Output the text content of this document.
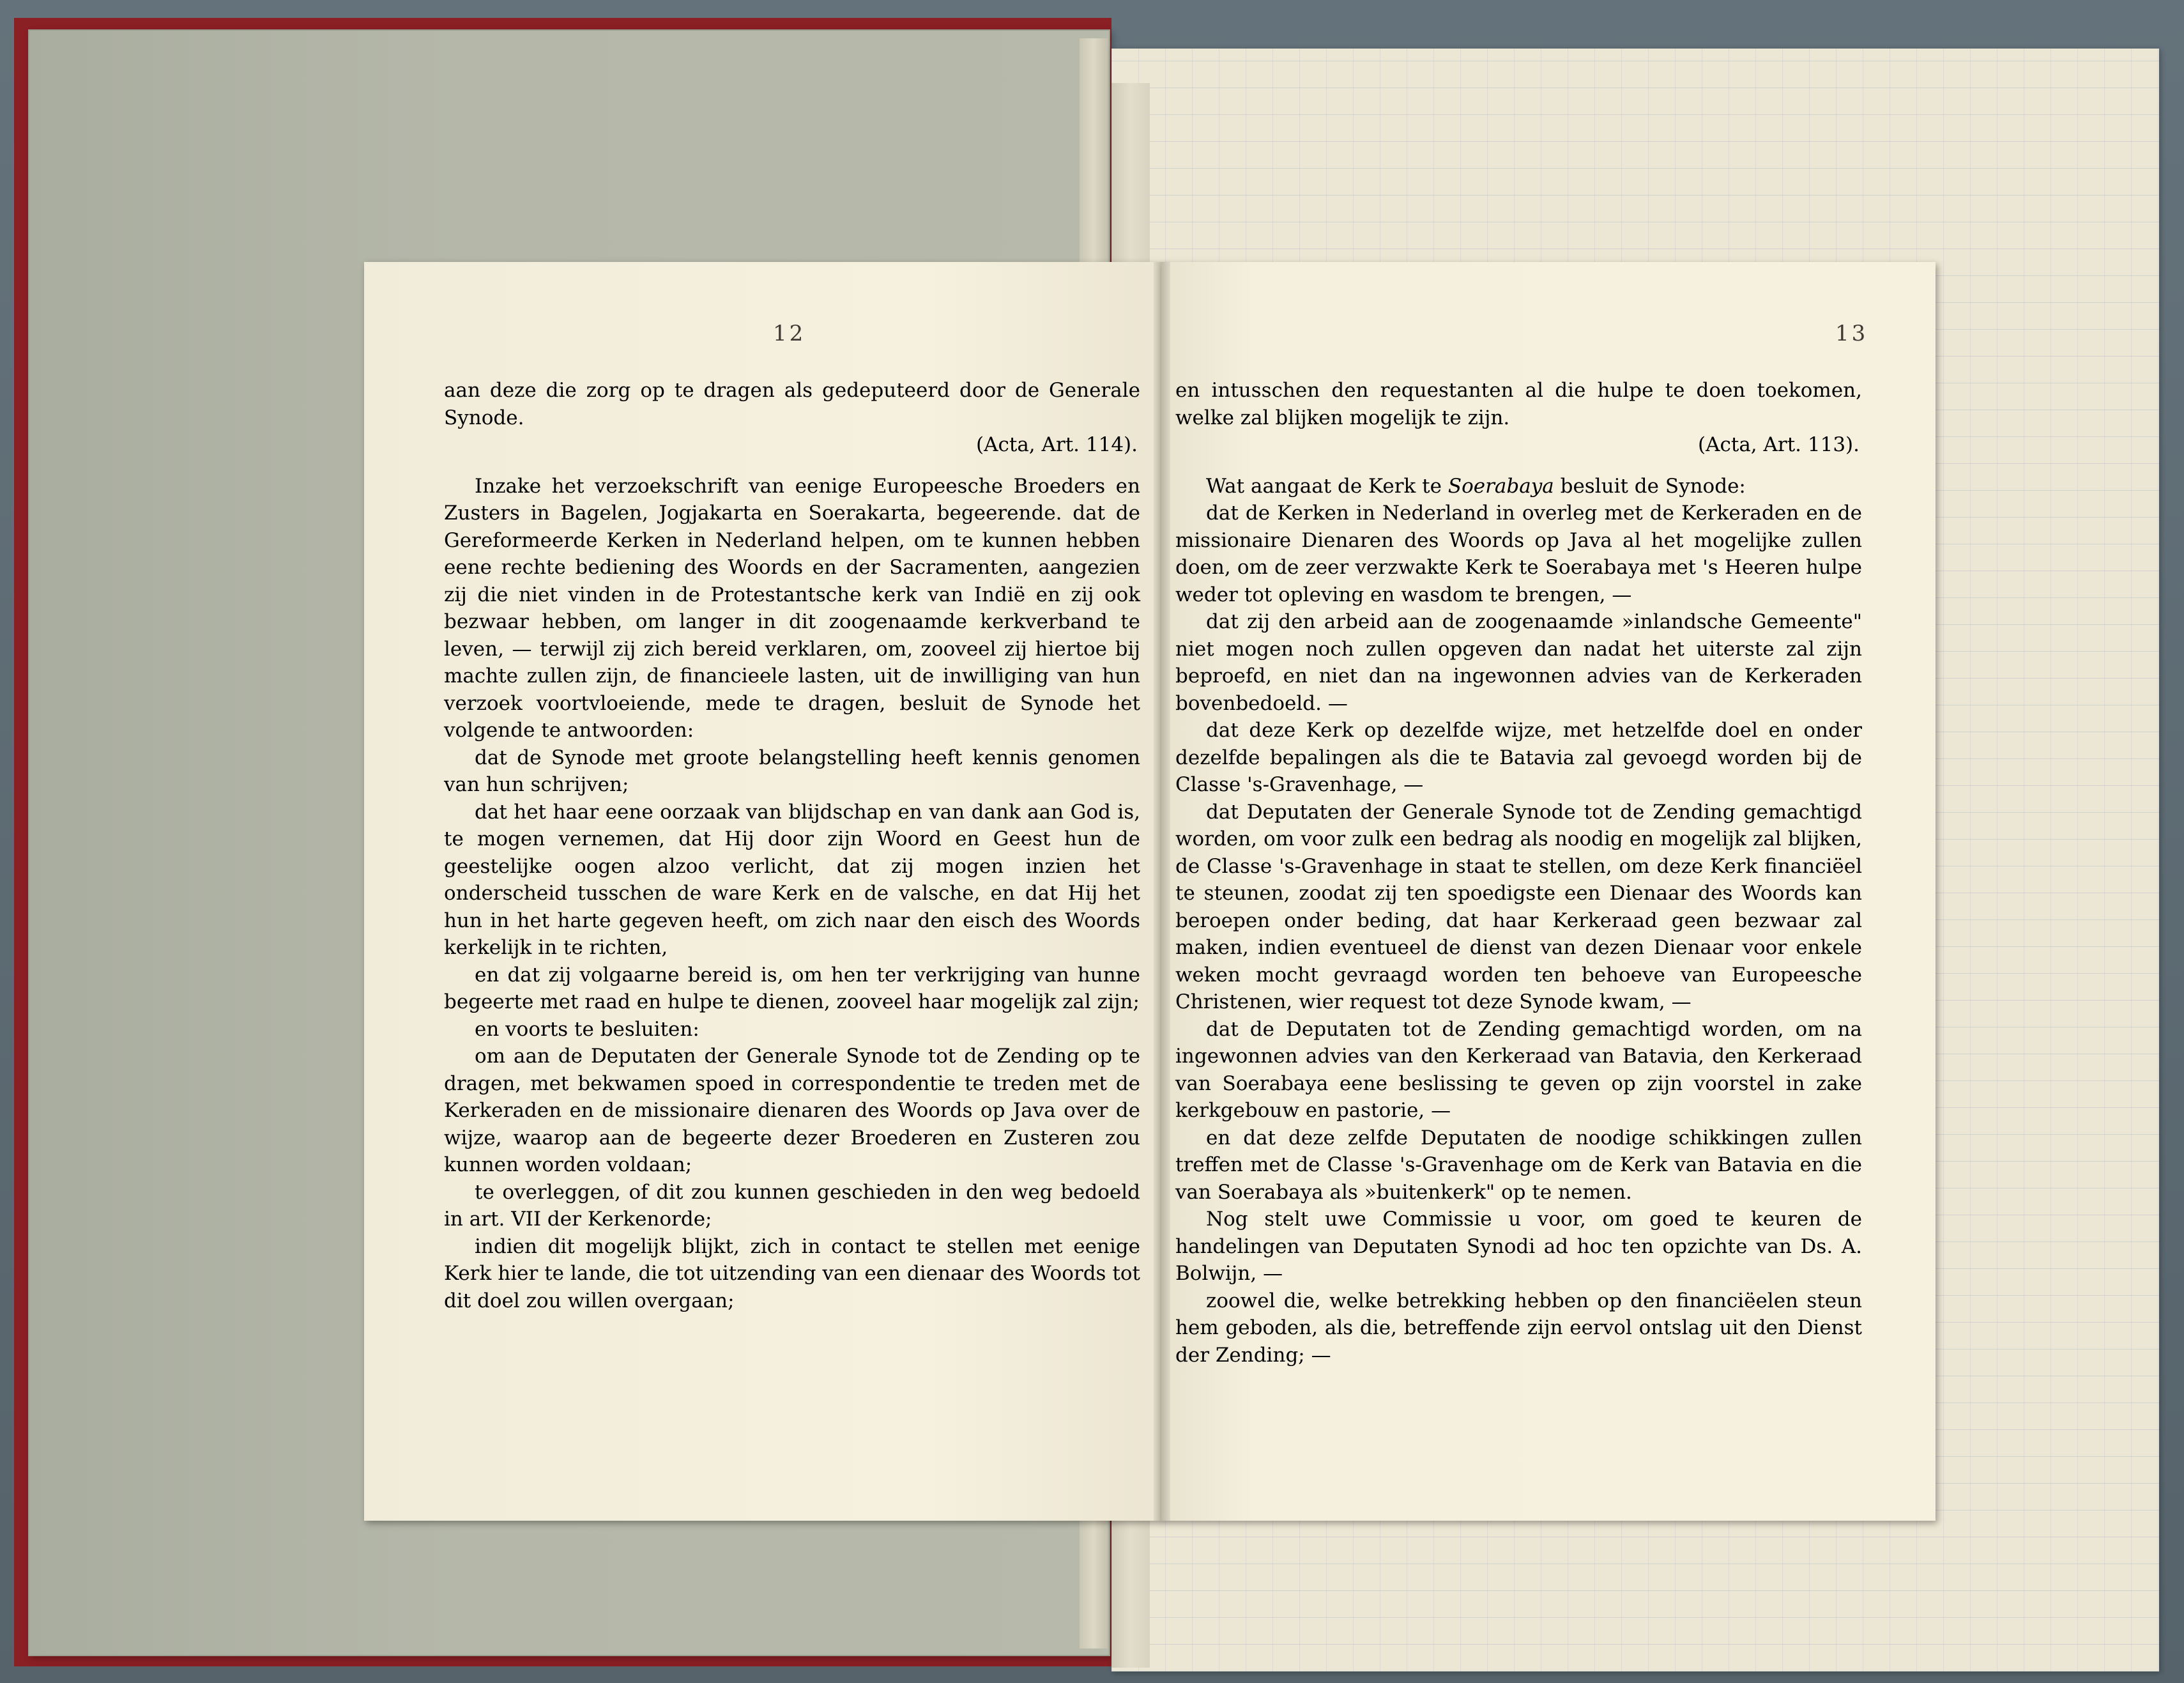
12	13

aan deze die zorg op te dragen als gedeputeerd door de Generale Synode.

(Acta, Art. 114).

Inzake het verzoekschrift van eenige Europeesche Broeders en Zusters in Bagelen, Jogjakarta en Soerakarta, begeerende. dat de Gereformeerde Kerken in Nederland helpen, om te kunnen hebben eene rechte bediening des Woords en der Sacramenten, aangezien zij die niet vinden in de Protestantsche kerk van Indië en zij ook bezwaar hebben, om langer in dit zoogenaamde kerkverband te leven, — terwijl zij zich bereid verklaren, om, zooveel zij hiertoe bij machte zullen zijn, de financieele lasten, uit de inwilliging van hun verzoek voortvloeiende, mede te dragen, besluit de Synode het volgende te antwoorden:

dat de Synode met groote belangstelling heeft kennis genomen van hun schrijven;

dat het haar eene oorzaak van blijdschap en van dank aan God is, te mogen vernemen, dat Hij door zijn Woord en Geest hun de geestelijke oogen alzoo verlicht, dat zij mogen inzien het onderscheid tusschen de ware Kerk en de valsche, en dat Hij het hun in het harte gegeven heeft, om zich naar den eisch des Woords kerkelijk in te richten,

en dat zij volgaarne bereid is, om hen ter verkrijging van hunne begeerte met raad en hulpe te dienen, zooveel haar mogelijk zal zijn;

en voorts te besluiten:

om aan de Deputaten der Generale Synode tot de Zending op te dragen, met bekwamen spoed in correspondentie te treden met de Kerkeraden en de missionaire dienaren des Woords op Java over de wijze, waarop aan de begeerte dezer Broederen en Zusteren zou kunnen worden voldaan;

te overleggen, of dit zou kunnen geschieden in den weg bedoeld in art. VII der Kerkenorde;

indien dit mogelijk blijkt, zich in contact te stellen met eenige Kerk hier te lande, die tot uitzending van een dienaar des Woords tot dit doel zou willen overgaan;

en intusschen den requestanten al die hulpe te doen toekomen, welke zal blijken mogelijk te zijn.

(Acta, Art. 113).

Wat aangaat de Kerk te Soerabaya besluit de Synode:

dat de Kerken in Nederland in overleg met de Kerkeraden en de missionaire Dienaren des Woords op Java al het mogelijke zullen doen, om de zeer verzwakte Kerk te Soerabaya met 's Heeren hulpe weder tot opleving en wasdom te brengen, —

dat zij den arbeid aan de zoogenaamde »inlandsche Gemeente" niet mogen noch zullen opgeven dan nadat het uiterste zal zijn beproefd, en niet dan na ingewonnen advies van de Kerkeraden bovenbedoeld. —

dat deze Kerk op dezelfde wijze, met hetzelfde doel en onder dezelfde bepalingen als die te Batavia zal gevoegd worden bij de Classe 's-Gravenhage, —

dat Deputaten der Generale Synode tot de Zending gemachtigd worden, om voor zulk een bedrag als noodig en mogelijk zal blijken, de Classe 's-Gravenhage in staat te stellen, om deze Kerk financiëel te steunen, zoodat zij ten spoedigste een Dienaar des Woords kan beroepen onder beding, dat haar Kerkeraad geen bezwaar zal maken, indien eventueel de dienst van dezen Dienaar voor enkele weken mocht gevraagd worden ten behoeve van Europeesche Christenen, wier request tot deze Synode kwam, —

dat de Deputaten tot de Zending gemachtigd worden, om na ingewonnen advies van den Kerkeraad van Batavia, den Kerkeraad van Soerabaya eene beslissing te geven op zijn voorstel in zake kerkgebouw en pastorie, —

en dat deze zelfde Deputaten de noodige schikkingen zullen treffen met de Classe 's-Gravenhage om de Kerk van Batavia en die van Soerabaya als »buitenkerk" op te nemen.

Nog stelt uwe Commissie u voor, om goed te keuren de handelingen van Deputaten Synodi ad hoc ten opzichte van Ds. A. Bolwijn, —

zoowel die, welke betrekking hebben op den financiëelen steun hem geboden, als die, betreffende zijn eervol ontslag uit den Dienst der Zending; —
